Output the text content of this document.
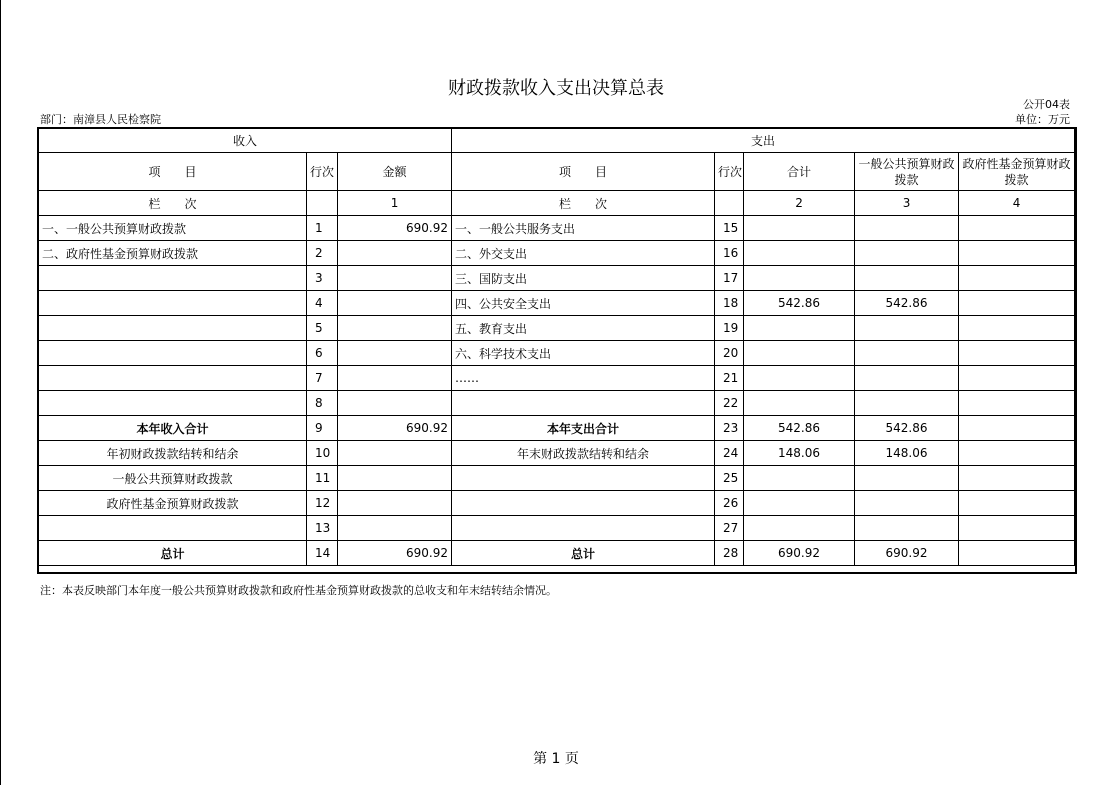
财政拨款收入支出决算总表
公开04表
部门：南漳县人民检察院	单位：万元
收入			支出				
项　　目	行次	金额	项　　目	行次	合计	一般公共预算财政拨款	政府性基金预算财政拨款
栏　　次		1	栏　　次		2	3	4
一、一般公共预算财政拨款	1	690.92	一、一般公共服务支出	15			
二、政府性基金预算财政拨款	2		二、外交支出	16			
	3		三、国防支出	17			
	4		四、公共安全支出	18	542.86	542.86	
	5		五、教育支出	19			
	6		六、科学技术支出	20			
	7		……	21			
	8			22			
本年收入合计	9	690.92	本年支出合计	23	542.86	542.86	
年初财政拨款结转和结余	10		年末财政拨款结转和结余	24	148.06	148.06	
一般公共预算财政拨款	11			25			
政府性基金预算财政拨款	12			26			
	13			27			
总计	14	690.92	总计	28	690.92	690.92	
注：本表反映部门本年度一般公共预算财政拨款和政府性基金预算财政拨款的总收支和年末结转结余情况。
第 1 页
